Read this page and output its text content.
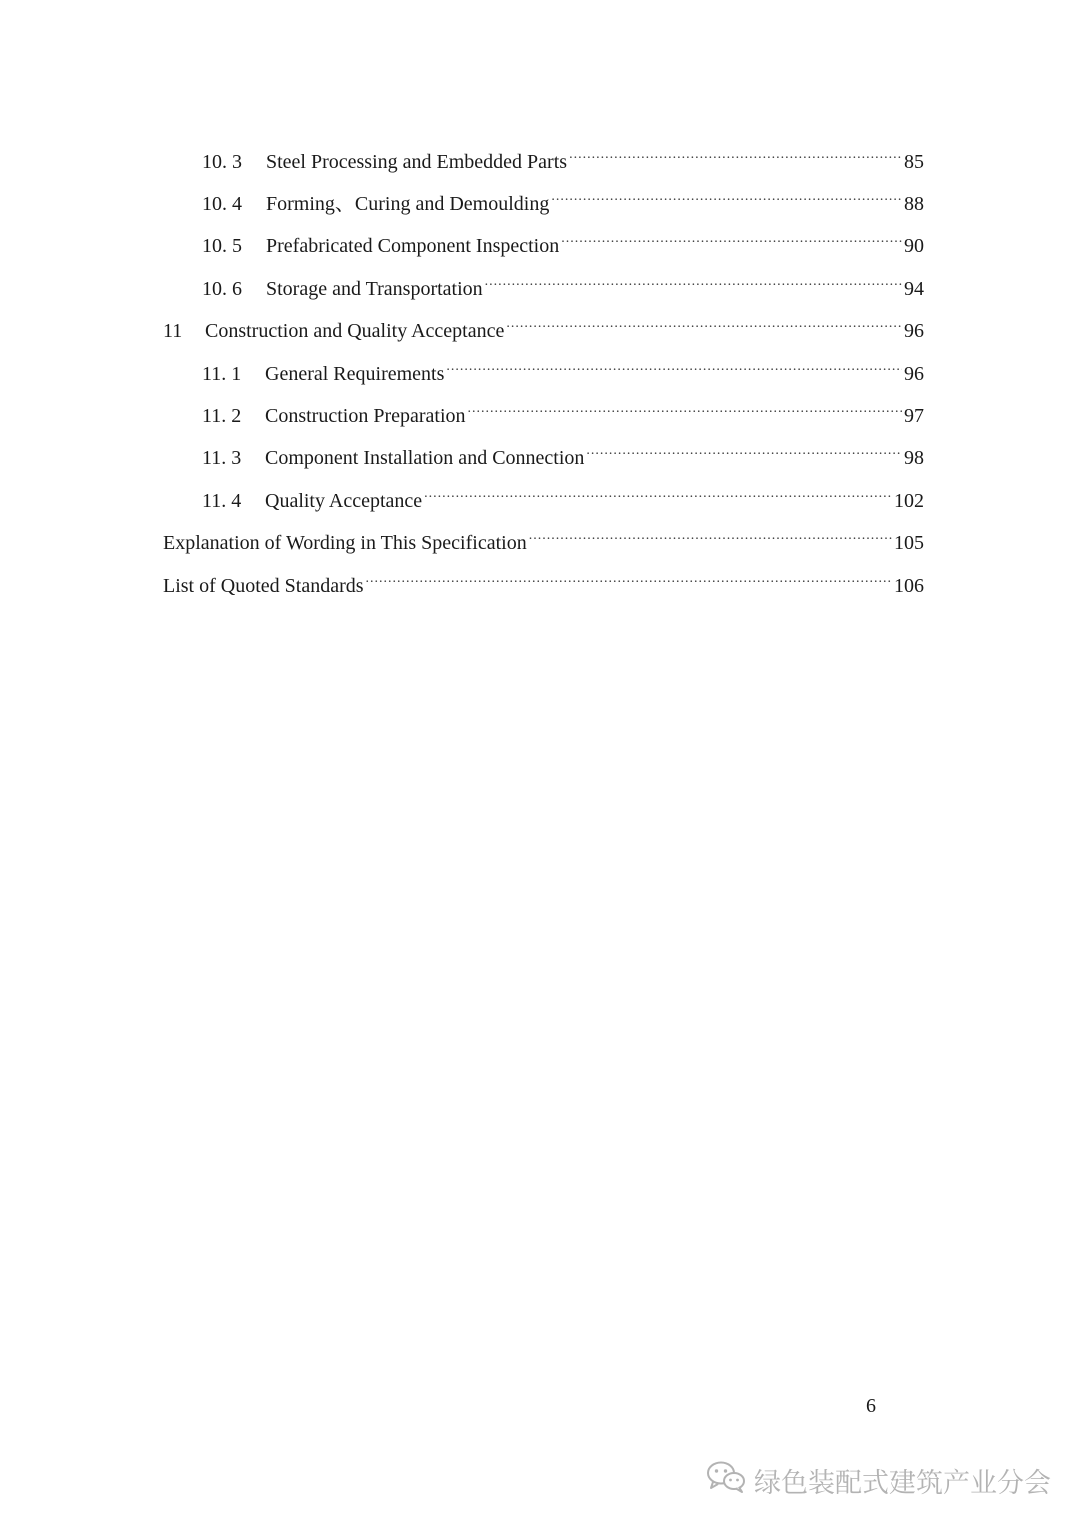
10. 3	Steel Processing and Embedded Parts .....	85
10. 4	Forming、Curing and Demoulding .....	88
10. 5	Prefabricated Component Inspection .....	90
10. 6	Storage and Transportation .....	94
11	Construction and Quality Acceptance .....	96
11. 1	General Requirements .....	96
11. 2	Construction Preparation .....	97
11. 3	Component Installation and Connection .....	98
11. 4	Quality Acceptance .....	102
Explanation of Wording in This Specification .....	105
List of Quoted Standards .....	106
6
绿色装配式建筑产业分会
